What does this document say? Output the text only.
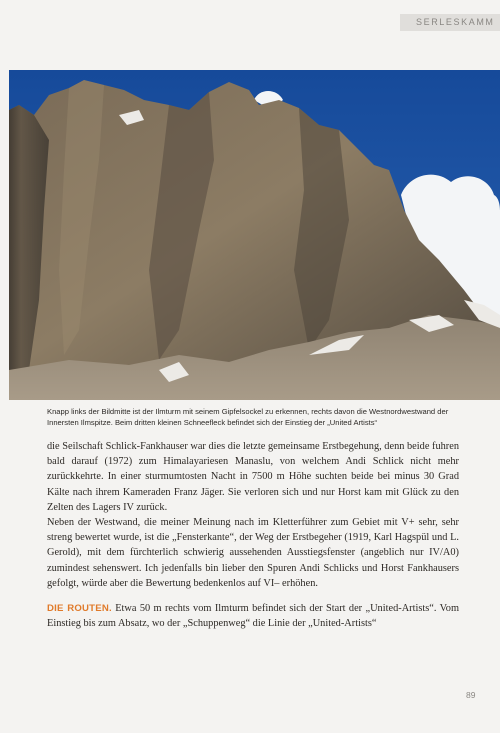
SERLESKAMM
Knapp links der Bildmitte ist der Ilmturm mit seinem Gipfelsockel zu erkennen, rechts davon die Westnordwestwand der Innersten Ilmspitze. Beim dritten kleinen Schneefleck befindet sich der Einstieg der „United Artists“

die Seilschaft Schlick-Fankhauser war dies die letzte gemeinsame Erstbegehung, denn beide fuhren bald darauf (1972) zum Himalayariesen Manaslu, von welchem Andi Schlick nicht mehr zurückkehrte. In einer sturmumtosten Nacht in 7500 m Höhe suchten beide bei minus 30 Grad Kälte nach ihrem Kameraden Franz Jäger. Sie verloren sich und nur Horst kam mit Glück zu den Zelten des Lagers IV zurück.

Neben der Westwand, die meiner Meinung nach im Kletterführer zum Gebiet mit V+ sehr, sehr streng bewertet wurde, ist die „Fensterkante“, der Weg der Erstbegeher (1919, Karl Hagspül und L. Gerold), mit dem fürchterlich schwierig aussehenden Ausstiegsfenster (angeblich nur IV/A0) zumindest sehenswert. Ich jedenfalls bin lieber den Spuren Andi Schlicks und Horst Fankhausers gefolgt, würde aber die Bewertung bedenkenlos auf VI– erhöhen.

DIE ROUTEN. Etwa 50 m rechts vom Ilmturm befindet sich der Start der „United-Artists“. Vom Einstieg bis zum Absatz, wo der „Schuppenweg“ die Linie der „United-Artists“

89
